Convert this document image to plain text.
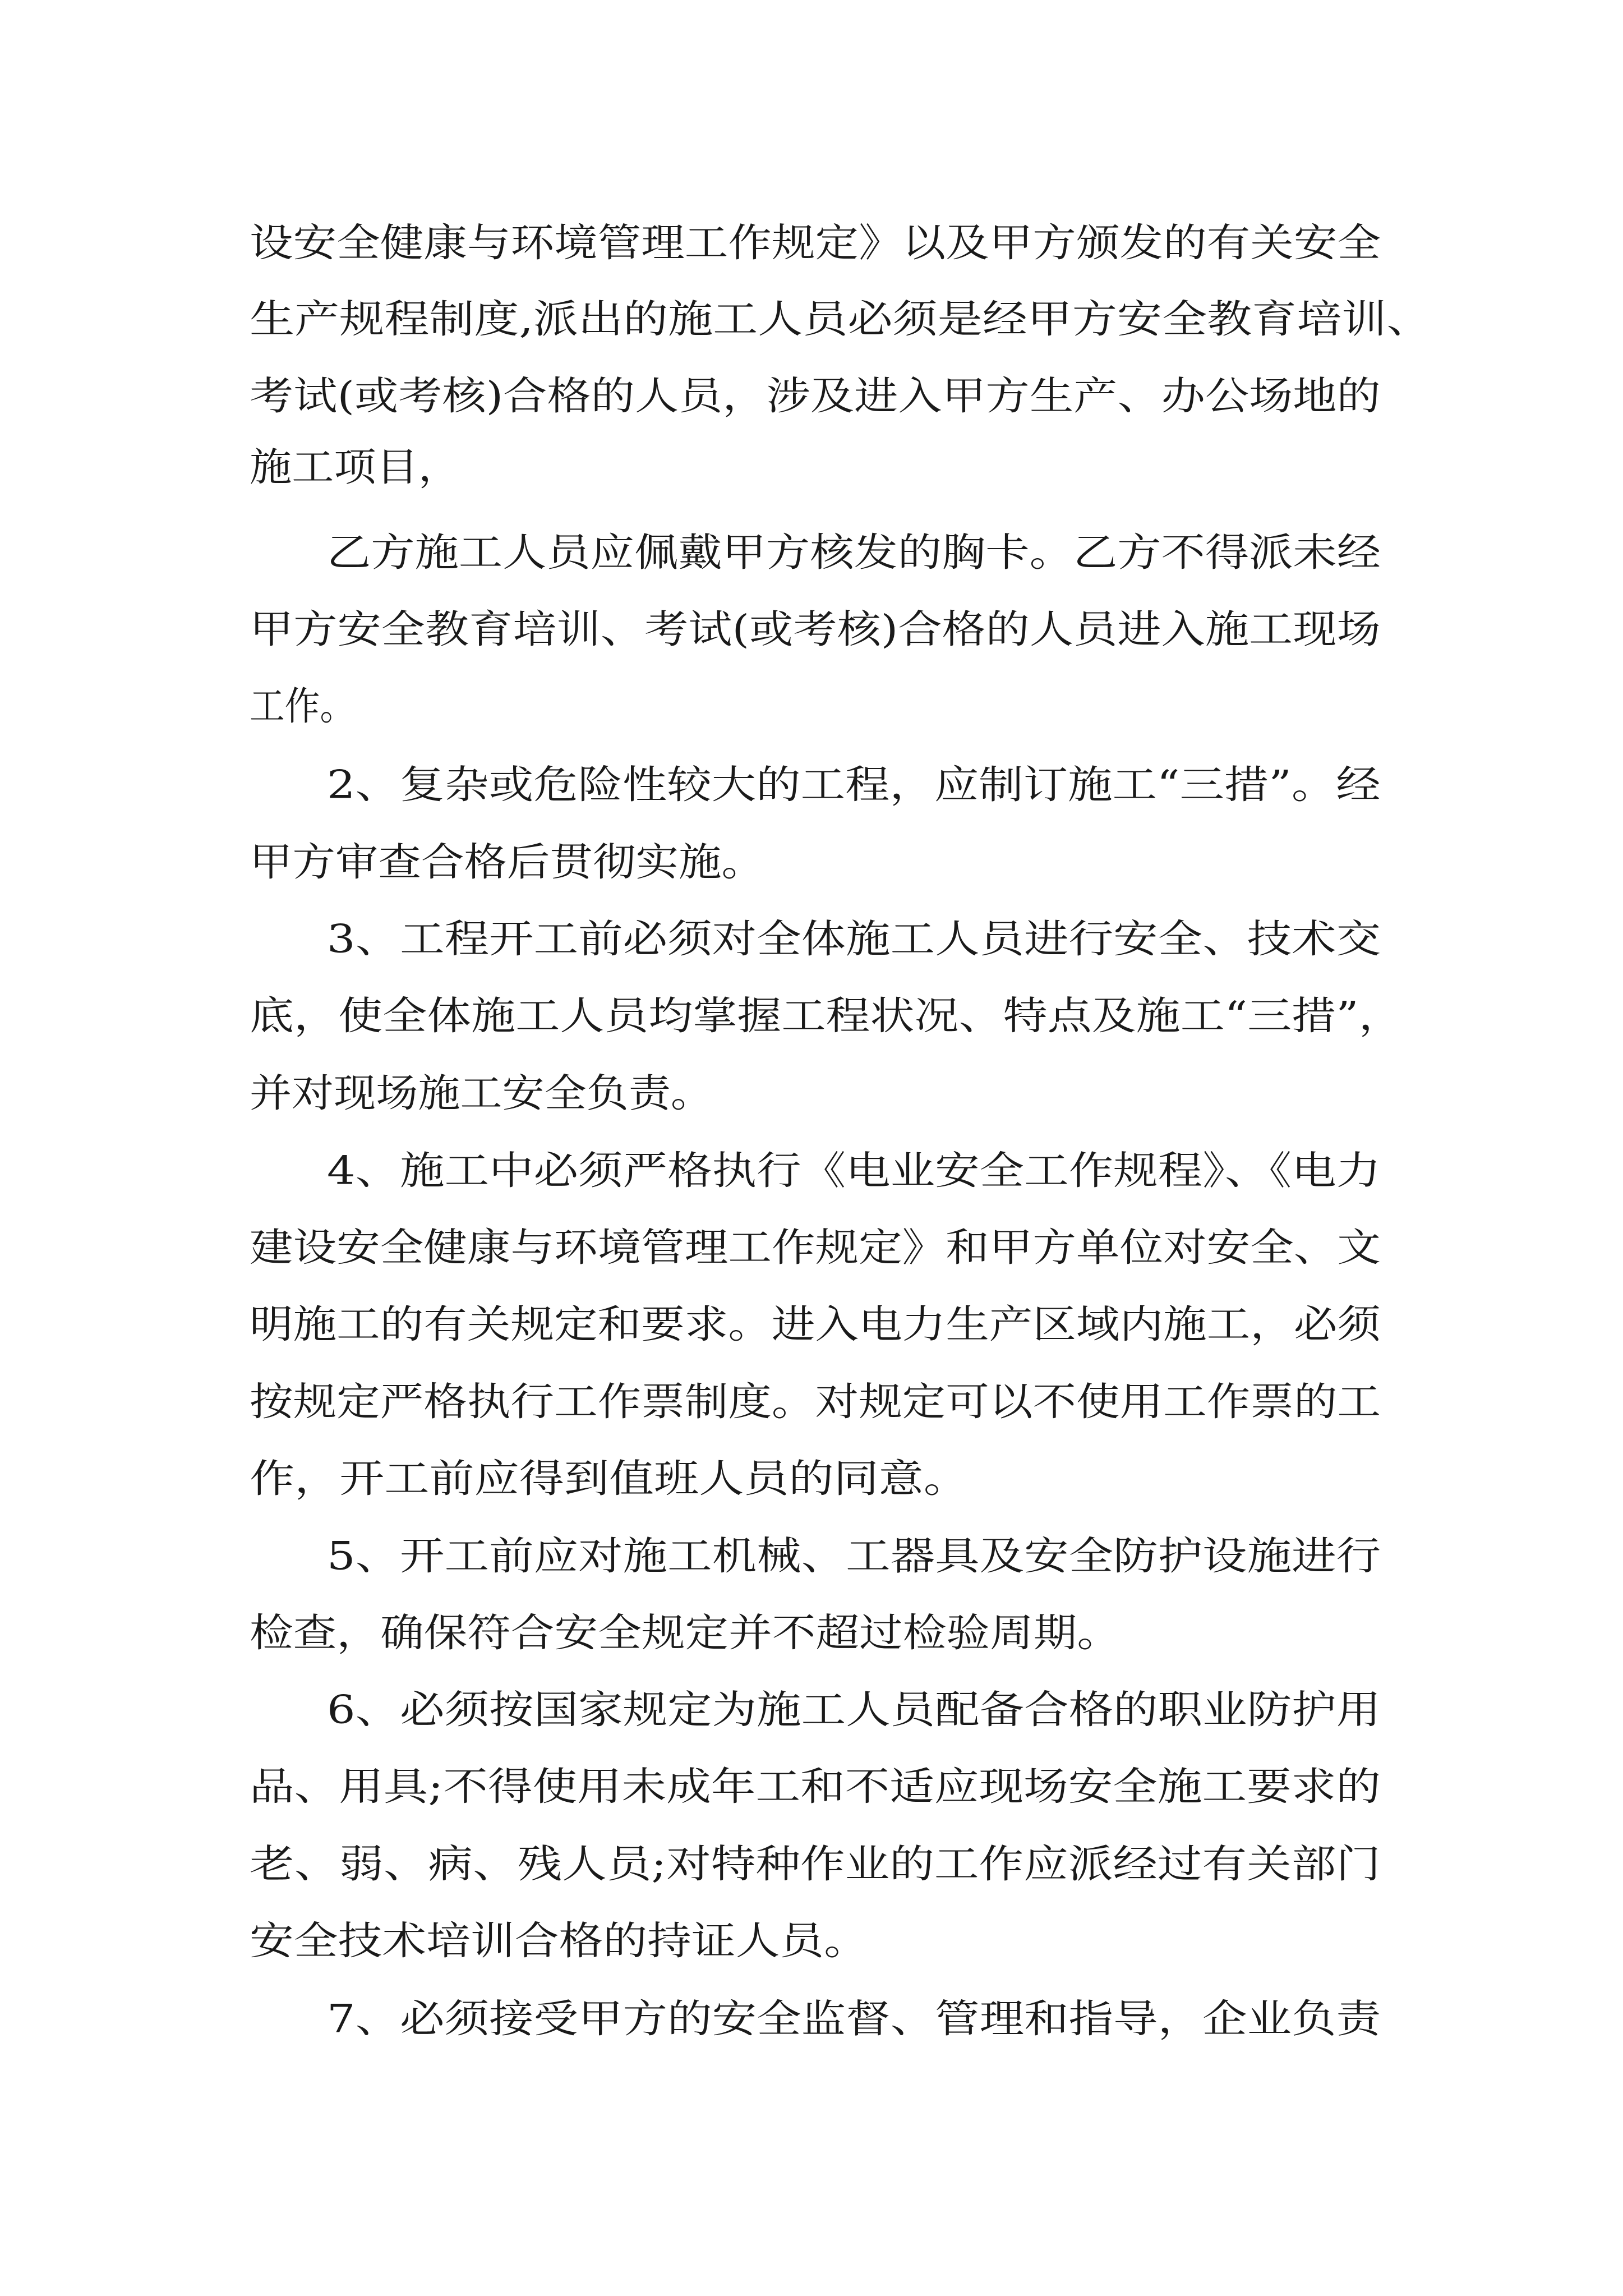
设安全健康与环境管理工作规定》以及甲方颁发的有关安全

生产规程制度,派出的施工人员必须是经甲方安全教育培训、

考试(或考核)合格的人员，涉及进入甲方生产、办公场地的

施工项目，

乙方施工人员应佩戴甲方核发的胸卡。乙方不得派未经

甲方安全教育培训、考试(或考核)合格的人员进入施工现场

工作。

2、复杂或危险性较大的工程，应制订施工“三措”。经

甲方审查合格后贯彻实施。

3、工程开工前必须对全体施工人员进行安全、技术交

底，使全体施工人员均掌握工程状况、特点及施工“三措”，

并对现场施工安全负责。

4、施工中必须严格执行《电业安全工作规程》、《电力

建设安全健康与环境管理工作规定》和甲方单位对安全、文

明施工的有关规定和要求。进入电力生产区域内施工，必须

按规定严格执行工作票制度。对规定可以不使用工作票的工

作，开工前应得到值班人员的同意。

5、开工前应对施工机械、工器具及安全防护设施进行

检查，确保符合安全规定并不超过检验周期。

6、必须按国家规定为施工人员配备合格的职业防护用

品、用具;不得使用未成年工和不适应现场安全施工要求的

老、弱、病、残人员;对特种作业的工作应派经过有关部门

安全技术培训合格的持证人员。

7、必须接受甲方的安全监督、管理和指导，企业负责
